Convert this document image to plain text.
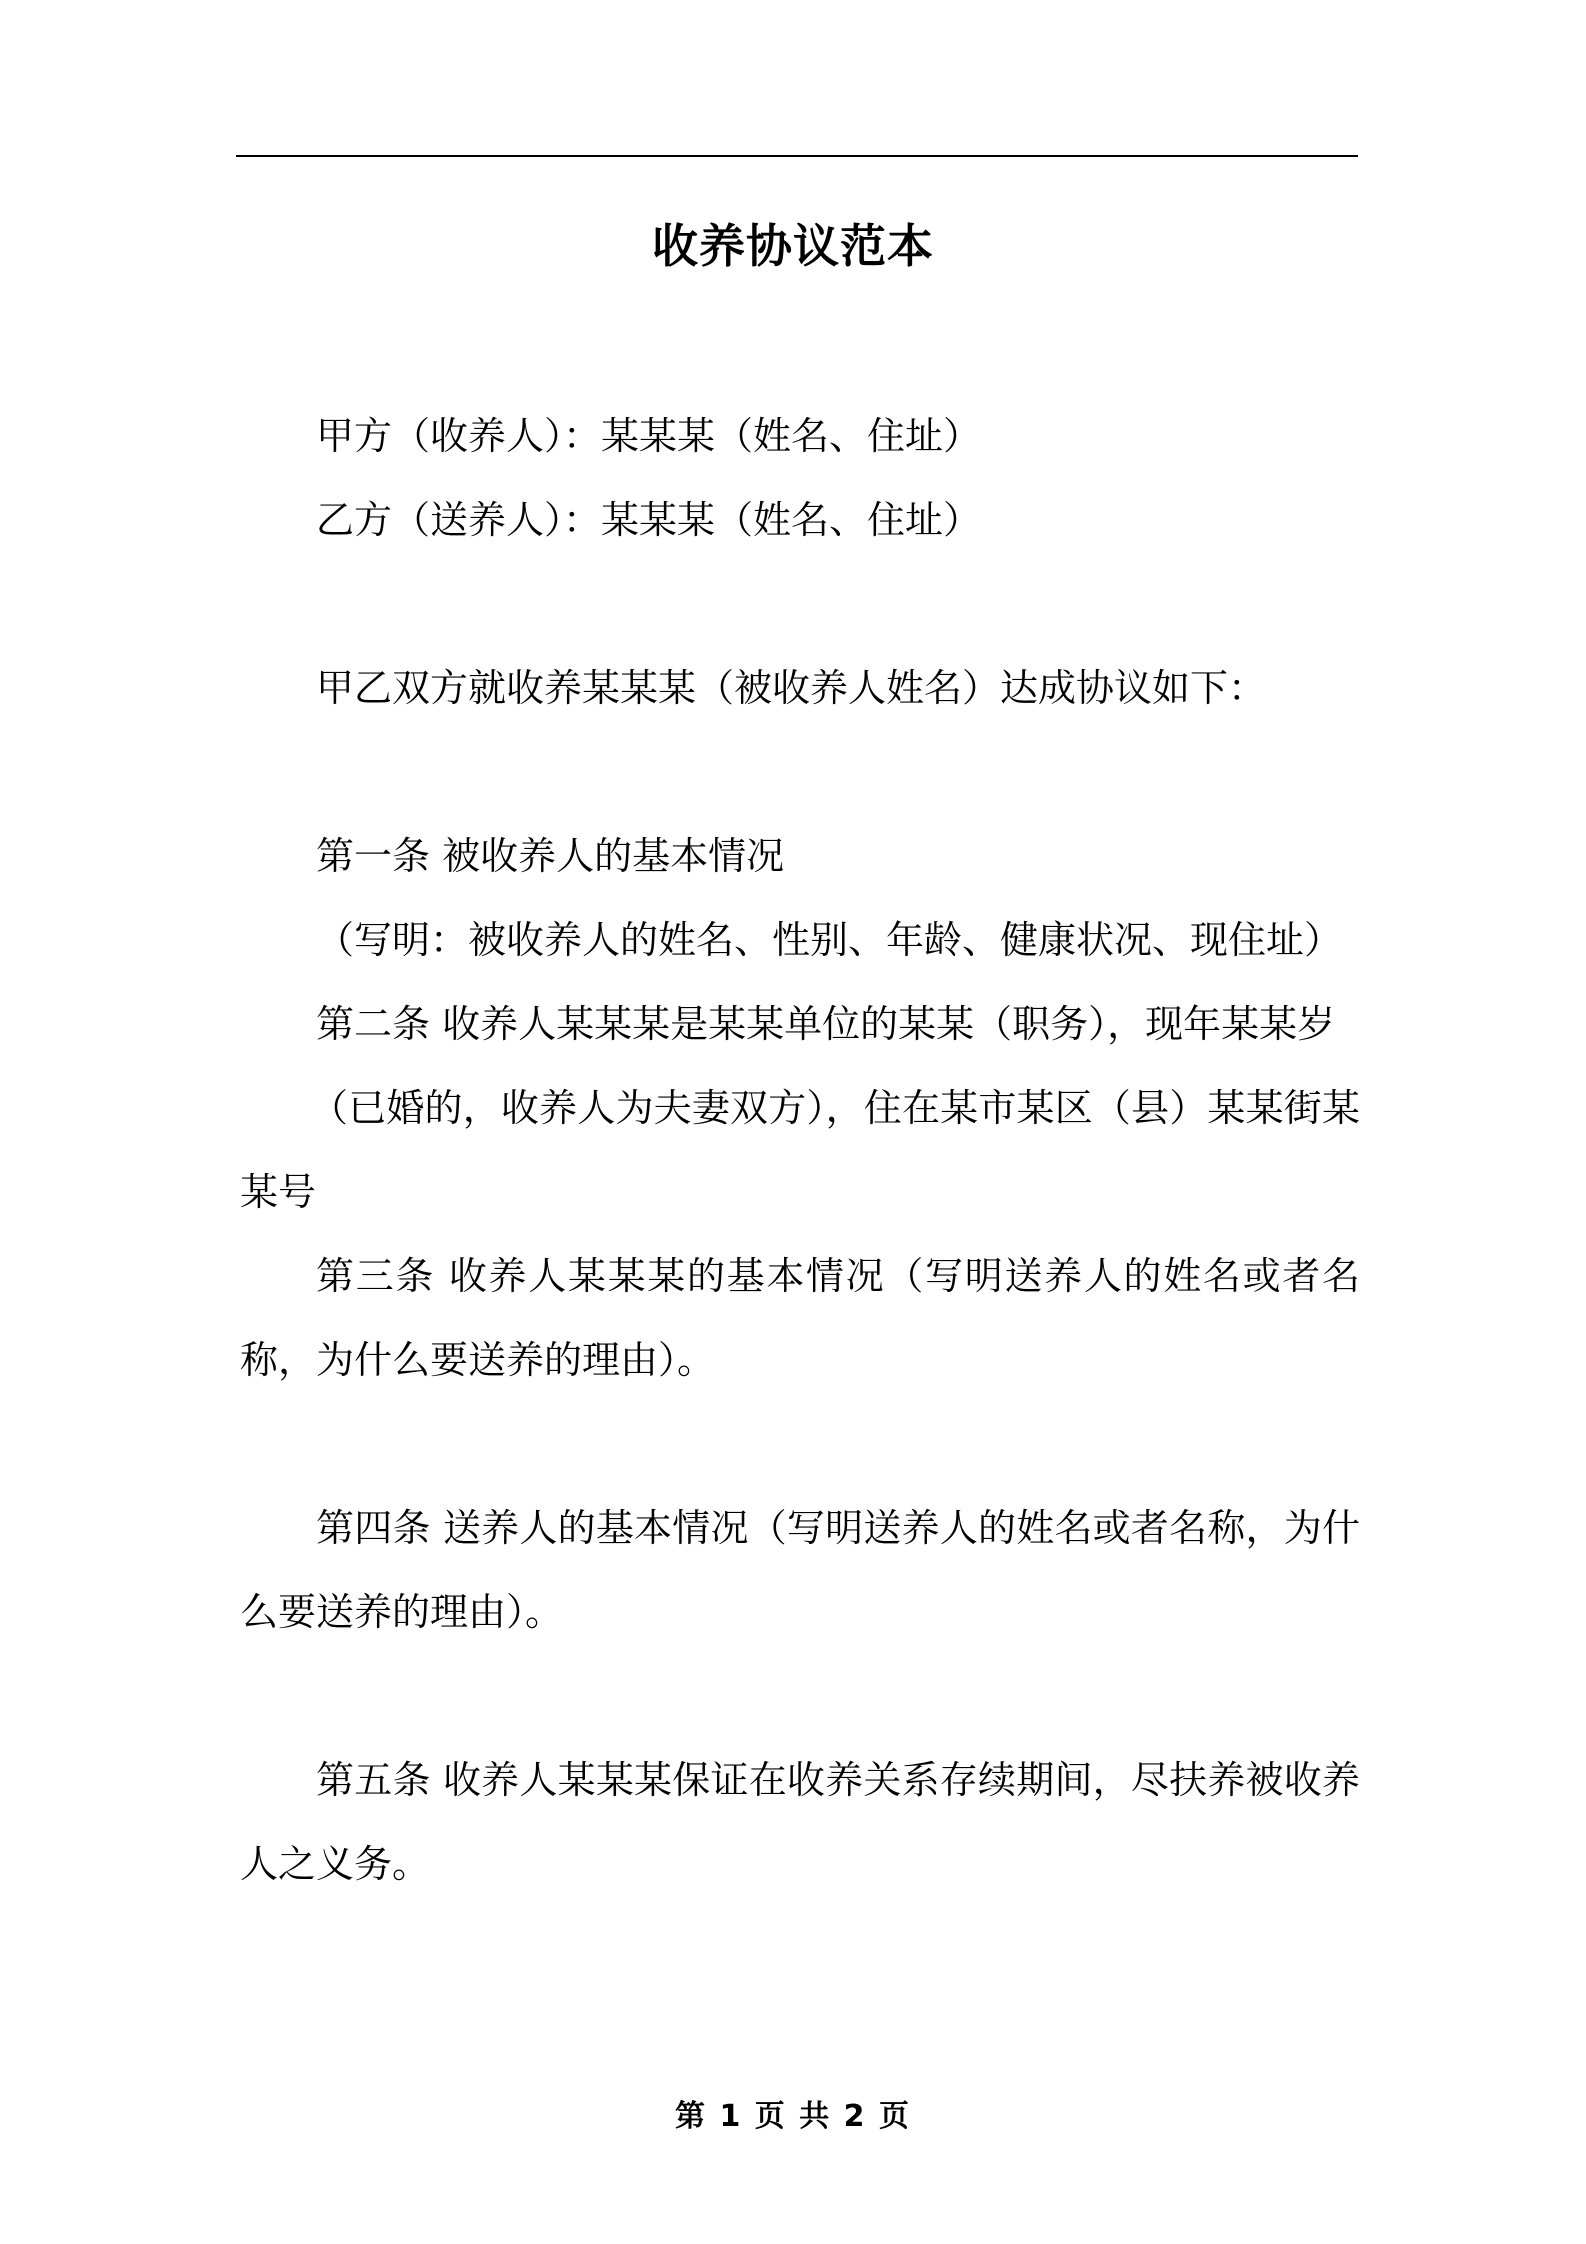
收养协议范本
甲方（收养人）：某某某（姓名、住址）
乙方（送养人）：某某某（姓名、住址）
甲乙双方就收养某某某（被收养人姓名）达成协议如下：
第一条 被收养人的基本情况
（写明：被收养人的姓名、性别、年龄、健康状况、现住址）
第二条 收养人某某某是某某单位的某某（职务），现年某某岁
（已婚的，收养人为夫妻双方），住在某市某区（县）某某街某某号
第三条 收养人某某某的基本情况（写明送养人的姓名或者名称，为什么要送养的理由）。
第四条 送养人的基本情况（写明送养人的姓名或者名称，为什么要送养的理由）。
第五条 收养人某某某保证在收养关系存续期间，尽扶养被收养人之义务。
第 1 页 共 2 页
